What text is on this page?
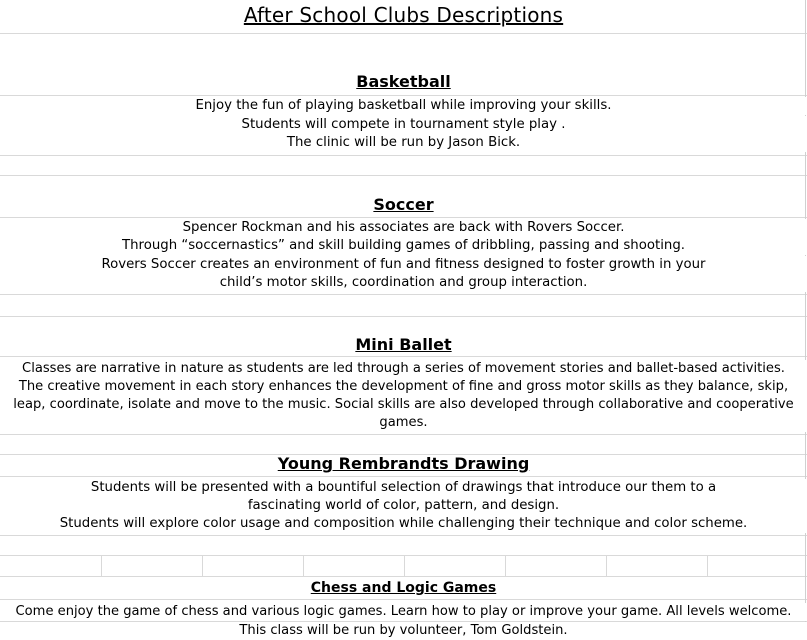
After School Clubs Descriptions
Basketball
Enjoy the fun of playing basketball while improving your skills.
Students will compete in tournament style play .
The clinic will be run by Jason Bick.
Soccer
Spencer Rockman and his associates are back with Rovers Soccer.
Through “soccernastics” and skill building games of dribbling, passing and shooting.
Rovers Soccer creates an environment of fun and fitness designed to foster growth in your
child’s motor skills, coordination and group interaction.
Mini Ballet
Classes are narrative in nature as students are led through a series of movement stories and ballet-based activities.
The creative movement in each story enhances the development of fine and gross motor skills as they balance, skip,
leap, coordinate, isolate and move to the music. Social skills are also developed through collaborative and cooperative
games.
Young Rembrandts Drawing
Students will be presented with a bountiful selection of drawings that introduce our them to a
fascinating world of color, pattern, and design.
Students will explore color usage and composition while challenging their technique and color scheme.
Chess and Logic Games
Come enjoy the game of chess and various logic games. Learn how to play or improve your game. All levels welcome.
This class will be run by volunteer, Tom Goldstein.
